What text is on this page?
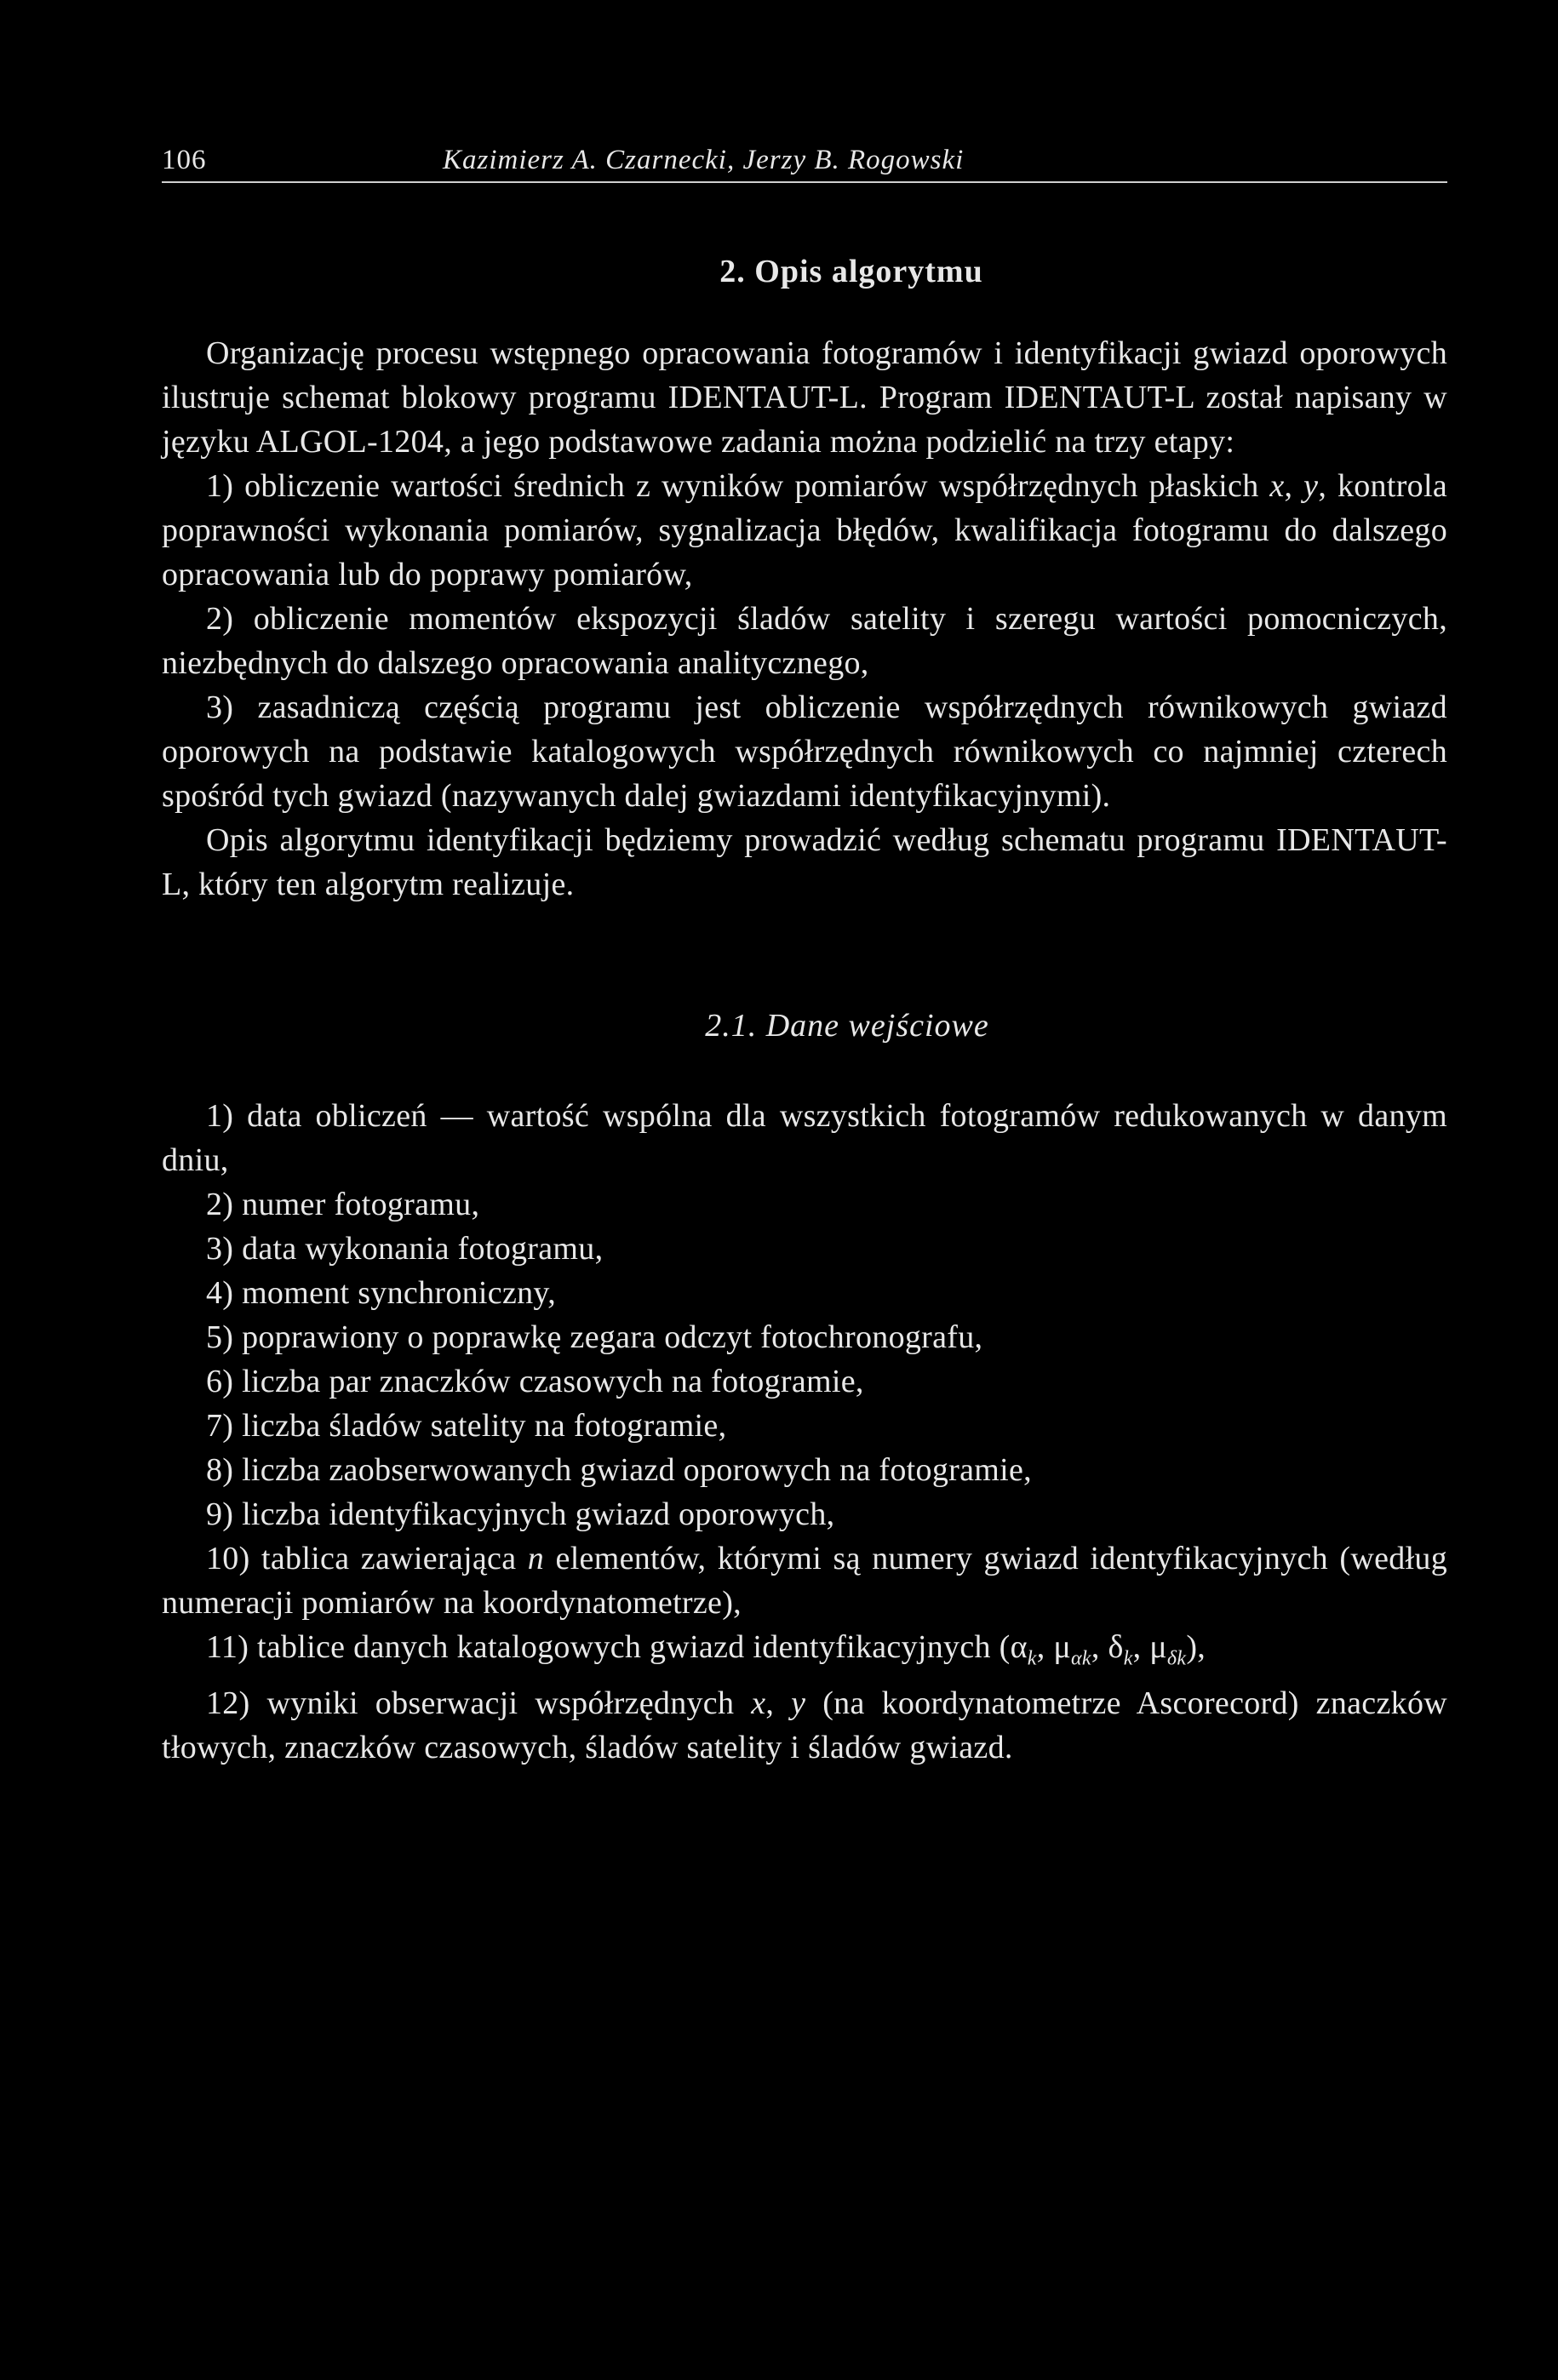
106	Kazimierz A. Czarnecki, Jerzy B. Rogowski
2. Opis algorytmu

Organizację procesu wstępnego opracowania fotogramów i identyfikacji gwiazd oporowych ilustruje schemat blokowy programu IDENTAUT-L. Program IDENTAUT-L został napisany w języku ALGOL-1204, a jego podstawowe zadania można podzielić na trzy etapy:

1) obliczenie wartości średnich z wyników pomiarów współrzędnych płaskich x, y, kontrola poprawności wykonania pomiarów, sygnalizacja błędów, kwalifikacja fotogramu do dalszego opracowania lub do poprawy pomiarów,

2) obliczenie momentów ekspozycji śladów satelity i szeregu wartości pomocniczych, niezbędnych do dalszego opracowania analitycznego,

3) zasadniczą częścią programu jest obliczenie współrzędnych równikowych gwiazd oporowych na podstawie katalogowych współrzędnych równikowych co najmniej czterech spośród tych gwiazd (nazywanych dalej gwiazdami identyfikacyjnymi).

Opis algorytmu identyfikacji będziemy prowadzić według schematu programu IDENTAUT-L, który ten algorytm realizuje.

2.1. Dane wejściowe

1) data obliczeń — wartość wspólna dla wszystkich fotogramów redukowanych w danym dniu,

2) numer fotogramu,

3) data wykonania fotogramu,

4) moment synchroniczny,

5) poprawiony o poprawkę zegara odczyt fotochronografu,

6) liczba par znaczków czasowych na fotogramie,

7) liczba śladów satelity na fotogramie,

8) liczba zaobserwowanych gwiazd oporowych na fotogramie,

9) liczba identyfikacyjnych gwiazd oporowych,

10) tablica zawierająca n elementów, którymi są numery gwiazd identyfikacyjnych (według numeracji pomiarów na koordynatometrze),

11) tablice danych katalogowych gwiazd identyfikacyjnych ($\alpha_k$, $\mu_{\alpha k}$, $\delta_k$, $\mu_{\delta k}$),

12) wyniki obserwacji współrzędnych x, y (na koordynatometrze Ascorecord) znaczków tłowych, znaczków czasowych, śladów satelity i śladów gwiazd.
